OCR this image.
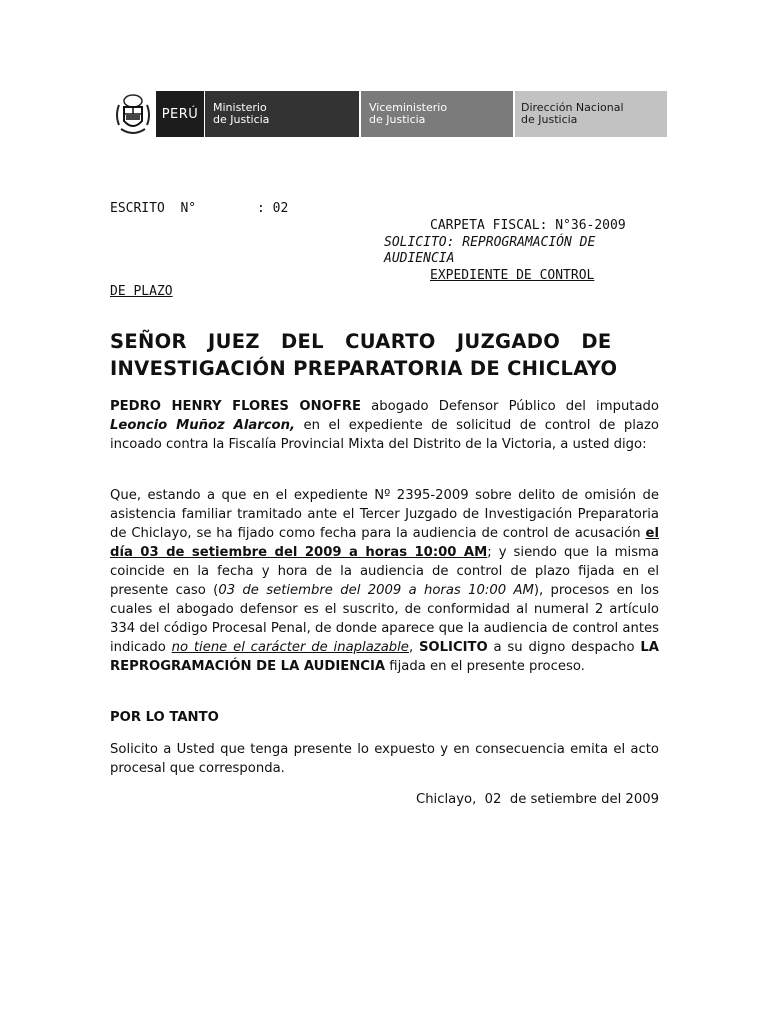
PERÚ Ministerio
de Justicia
Viceministerio
de Justicia
Dirección Nacional
de Justicia
ESCRITO  N°	: 02
CARPETA FISCAL: N°36-2009
SOLICITO: REPROGRAMACIÓN DE
AUDIENCIA
EXPEDIENTE DE CONTROL
DE PLAZO
SEÑOR   JUEZ   DEL   CUARTO   JUZGADO   DE
INVESTIGACIÓN PREPARATORIA DE CHICLAYO
PEDRO HENRY FLORES ONOFRE abogado Defensor Público del imputado Leoncio Muñoz Alarcon, en el expediente de solicitud de control de plazo incoado contra la Fiscalía Provincial Mixta del Distrito de la Victoria, a usted digo:
Que, estando a que en el expediente Nº 2395-2009 sobre delito de omisión de asistencia familiar tramitado ante el Tercer Juzgado de Investigación Preparatoria de Chiclayo, se ha fijado como fecha para la audiencia de control de acusación el día 03 de setiembre del 2009 a horas 10:00 AM; y siendo que la misma coincide en la fecha y hora de la audiencia de control de plazo fijada en el presente caso (03 de setiembre del 2009 a horas 10:00 AM), procesos en los cuales el abogado defensor es el suscrito, de conformidad al numeral 2 artículo 334 del código Procesal Penal, de donde aparece que la audiencia de control antes indicado no tiene el carácter de inaplazable, SOLICITO a su digno despacho LA REPROGRAMACIÓN DE LA AUDIENCIA fijada en el presente proceso.
POR LO TANTO
Solicito a Usted que tenga presente lo expuesto y en consecuencia emita el acto procesal que corresponda.
Chiclayo,  02  de setiembre del 2009
